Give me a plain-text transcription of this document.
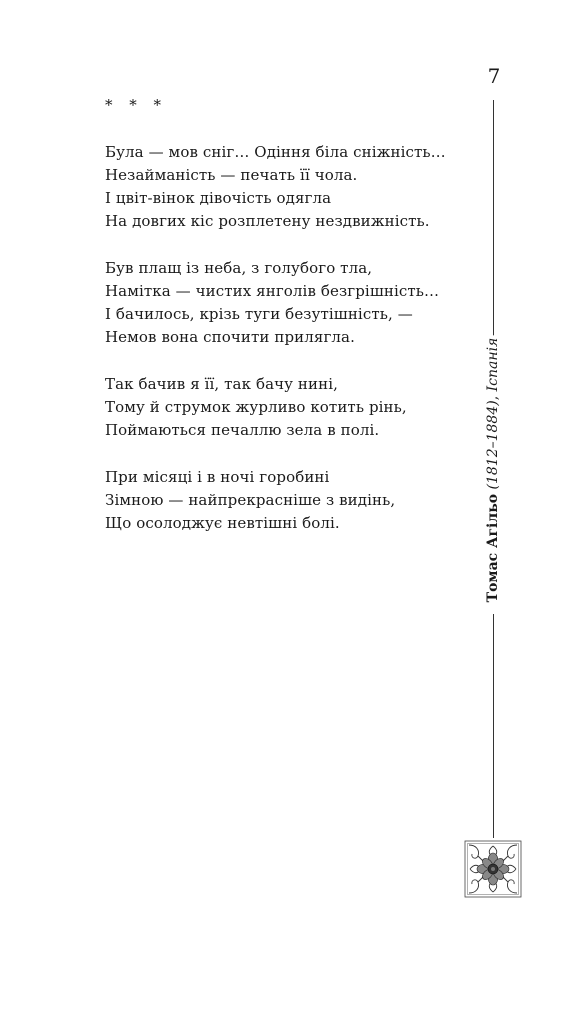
7
* * *
Була — мов сніг… Одіння біла сніжність…
Незайманість — печать її чола.
І цвіт-вінок дівочість одягла
На довгих кіс розплетену нездвижність.
Був плащ із неба, з голубого тла,
Намітка — чистих янголів безгрішність…
І бачилось, крізь туги безутішність, —
Немов вона спочити прилягла.
Так бачив я її, так бачу нині,
Тому й струмок журливо котить рінь,
Поймаються печаллю зела в полі.
При місяці і в ночі горобині
Зімною — найпрекрасніше з видінь,
Що осолоджує невтішні болі.	Томас Агільо (1812–1884), Іспанія
